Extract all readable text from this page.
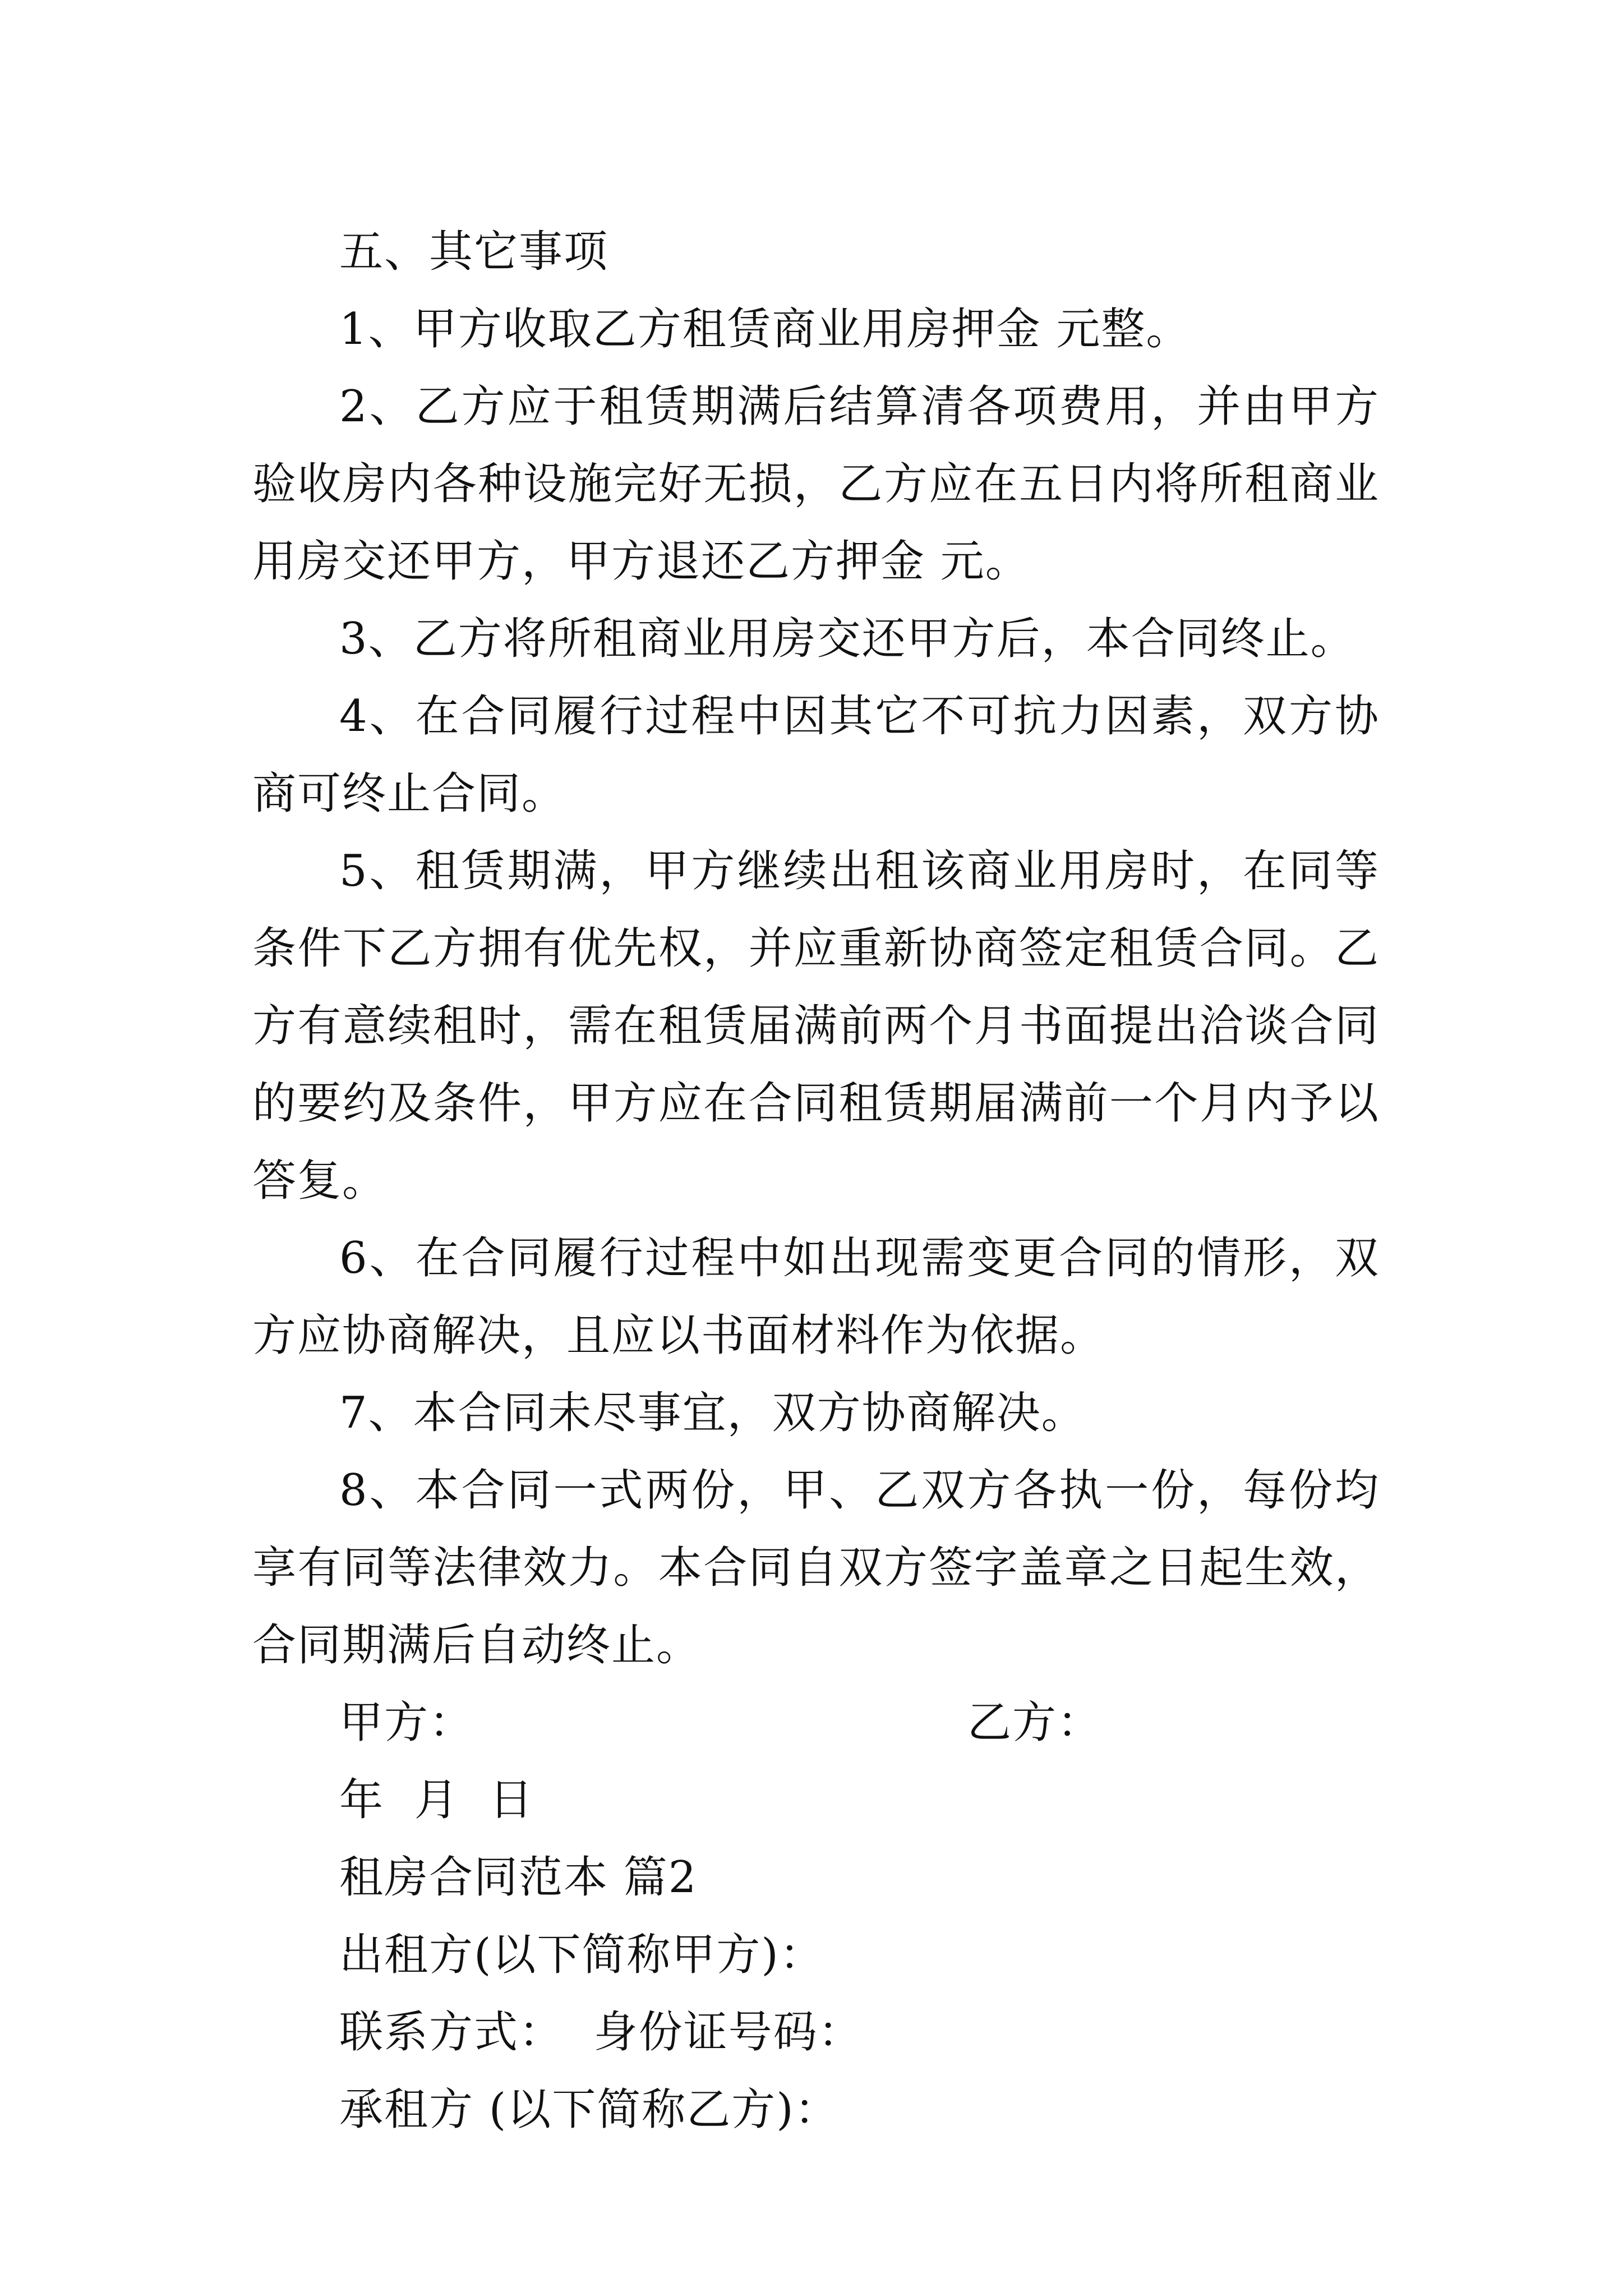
五、其它事项

1、甲方收取乙方租赁商业用房押金 元整。

2、乙方应于租赁期满后结算清各项费用，并由甲方验收房内各种设施完好无损，乙方应在五日内将所租商业用房交还甲方，甲方退还乙方押金 元。

3、乙方将所租商业用房交还甲方后，本合同终止。

4、在合同履行过程中因其它不可抗力因素，双方协商可终止合同。

5、租赁期满，甲方继续出租该商业用房时，在同等条件下乙方拥有优先权，并应重新协商签定租赁合同。乙方有意续租时，需在租赁届满前两个月书面提出洽谈合同的要约及条件，甲方应在合同租赁期届满前一个月内予以答复。

6、在合同履行过程中如出现需变更合同的情形，双方应协商解决，且应以书面材料作为依据。

7、本合同未尽事宜，双方协商解决。

8、本合同一式两份，甲、乙双方各执一份，每份均享有同等法律效力。本合同自双方签字盖章之日起生效，合同期满后自动终止。

甲方：	乙方：

年  月  日

租房合同范本 篇2

出租方(以下简称甲方)：

联系方式：  身份证号码：

承租方 (以下简称乙方)：
